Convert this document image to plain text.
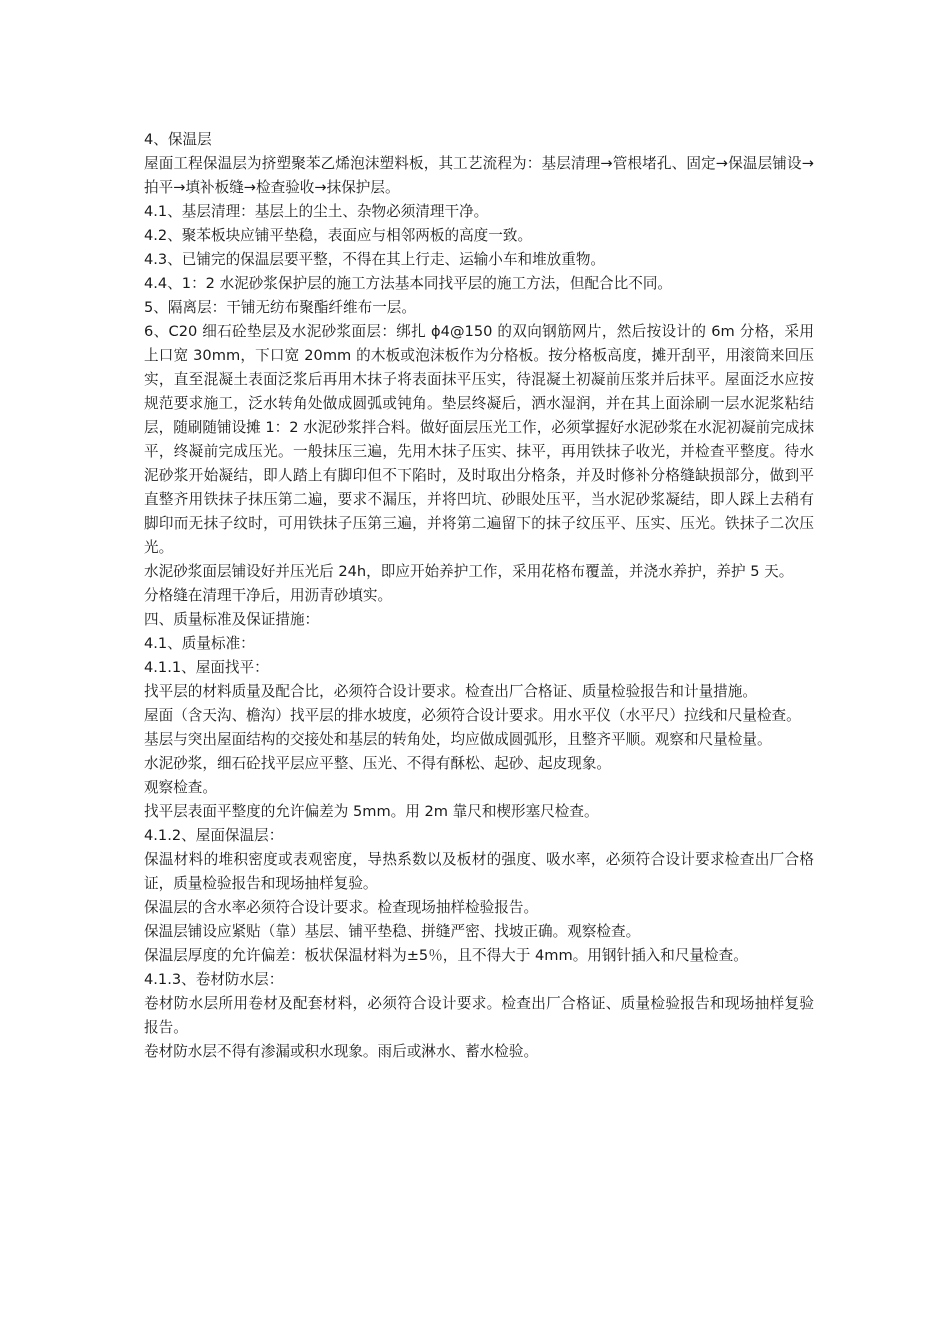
4、保温层

屋面工程保温层为挤塑聚苯乙烯泡沫塑料板，其工艺流程为：基层清理→管根堵孔、固定→保温层铺设→拍平→填补板缝→检查验收→抹保护层。

4.1、基层清理：基层上的尘土、杂物必须清理干净。

4.2、聚苯板块应铺平垫稳，表面应与相邻两板的高度一致。

4.3、已铺完的保温层要平整，不得在其上行走、运输小车和堆放重物。

4.4、1：2 水泥砂浆保护层的施工方法基本同找平层的施工方法，但配合比不同。

5、隔离层：干铺无纺布聚酯纤维布一层。

6、C20 细石砼垫层及水泥砂浆面层：绑扎 ϕ4@150 的双向钢筋网片，然后按设计的 6m 分格，采用上口宽 30mm，下口宽 20mm 的木板或泡沫板作为分格板。按分格板高度，摊开刮平，用滚筒来回压实，直至混凝土表面泛浆后再用木抹子将表面抹平压实，待混凝土初凝前压浆并后抹平。屋面泛水应按规范要求施工，泛水转角处做成圆弧或钝角。垫层终凝后，洒水湿润，并在其上面涂刷一层水泥浆粘结层，随刷随铺设摊 1：2 水泥砂浆拌合料。做好面层压光工作，必须掌握好水泥砂浆在水泥初凝前完成抹平，终凝前完成压光。一般抹压三遍，先用木抹子压实、抹平，再用铁抹子收光，并检查平整度。待水泥砂浆开始凝结，即人踏上有脚印但不下陷时，及时取出分格条，并及时修补分格缝缺损部分，做到平直整齐用铁抹子抹压第二遍，要求不漏压，并将凹坑、砂眼处压平，当水泥砂浆凝结，即人踩上去稍有脚印而无抹子纹时，可用铁抹子压第三遍，并将第二遍留下的抹子纹压平、压实、压光。铁抹子二次压光。

水泥砂浆面层铺设好并压光后 24h，即应开始养护工作，采用花格布覆盖，并浇水养护，养护 5 天。

分格缝在清理干净后，用沥青砂填实。

四、质量标准及保证措施：

4.1、质量标准：

4.1.1、屋面找平：

找平层的材料质量及配合比，必须符合设计要求。检查出厂合格证、质量检验报告和计量措施。

屋面（含天沟、檐沟）找平层的排水坡度，必须符合设计要求。用水平仪（水平尺）拉线和尺量检查。

基层与突出屋面结构的交接处和基层的转角处，均应做成圆弧形，且整齐平顺。观察和尺量检量。

水泥砂浆，细石砼找平层应平整、压光、不得有酥松、起砂、起皮现象。

观察检查。

找平层表面平整度的允许偏差为 5mm。用 2m 靠尺和楔形塞尺检查。

4.1.2、屋面保温层：

保温材料的堆积密度或表观密度，导热系数以及板材的强度、吸水率，必须符合设计要求检查出厂合格证，质量检验报告和现场抽样复验。

保温层的含水率必须符合设计要求。检查现场抽样检验报告。

保温层铺设应紧贴（靠）基层、铺平垫稳、拼缝严密、找坡正确。观察检查。

保温层厚度的允许偏差：板状保温材料为±5％，且不得大于 4mm。用钢针插入和尺量检查。

4.1.3、卷材防水层：

卷材防水层所用卷材及配套材料，必须符合设计要求。检查出厂合格证、质量检验报告和现场抽样复验报告。

卷材防水层不得有渗漏或积水现象。雨后或淋水、蓄水检验。
